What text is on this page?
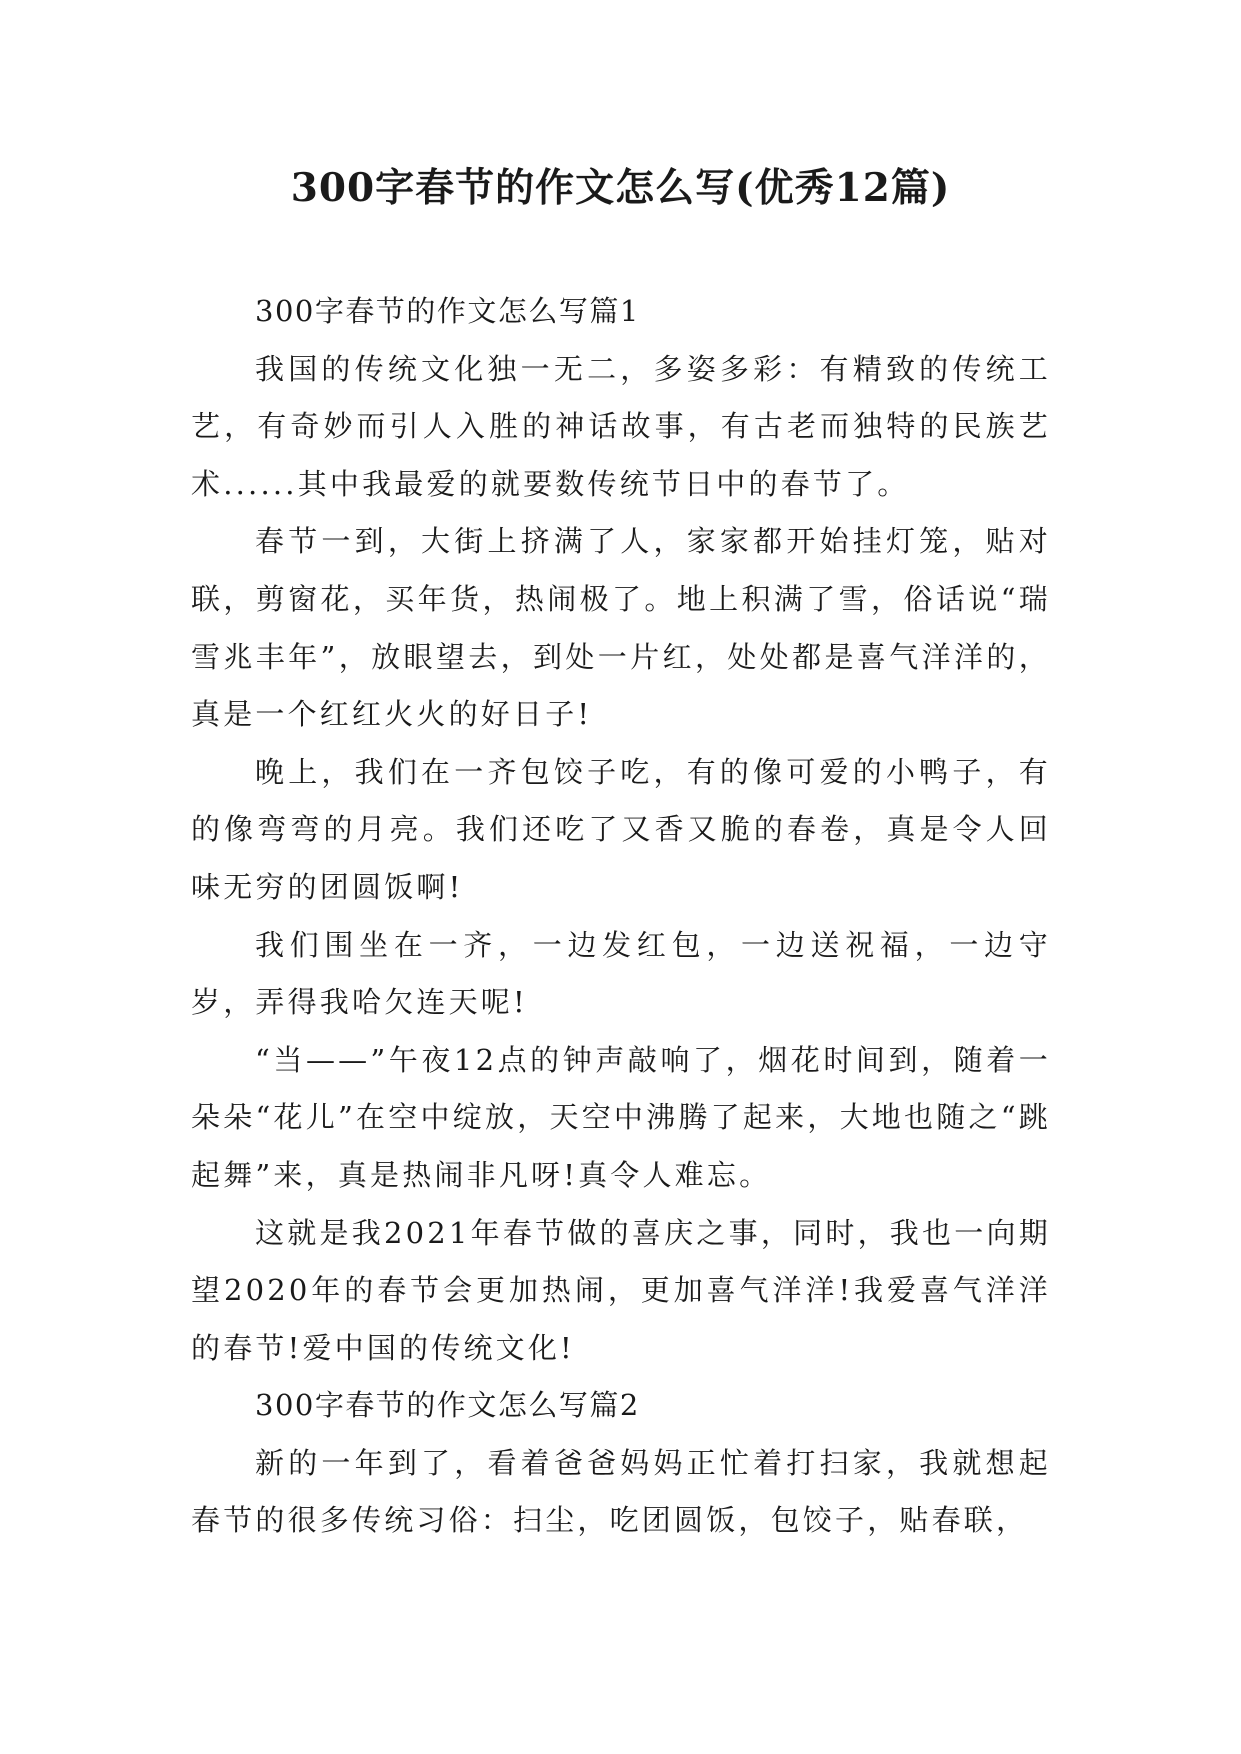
300字春节的作文怎么写(优秀12篇)

300字春节的作文怎么写篇1

我国的传统文化独一无二，多姿多彩：有精致的传统工艺，有奇妙而引人入胜的神话故事，有古老而独特的民族艺术......其中我最爱的就要数传统节日中的春节了。

春节一到，大街上挤满了人，家家都开始挂灯笼，贴对联，剪窗花，买年货，热闹极了。地上积满了雪，俗话说“瑞雪兆丰年”，放眼望去，到处一片红，处处都是喜气洋洋的，真是一个红红火火的好日子!

晚上，我们在一齐包饺子吃，有的像可爱的小鸭子，有的像弯弯的月亮。我们还吃了又香又脆的春卷，真是令人回味无穷的团圆饭啊!

我们围坐在一齐，一边发红包，一边送祝福，一边守岁，弄得我哈欠连天呢!

“当——”午夜12点的钟声敲响了，烟花时间到，随着一朵朵“花儿”在空中绽放，天空中沸腾了起来，大地也随之“跳起舞”来，真是热闹非凡呀!真令人难忘。

这就是我2021年春节做的喜庆之事，同时，我也一向期望2020年的春节会更加热闹，更加喜气洋洋!我爱喜气洋洋的春节!爱中国的传统文化!

300字春节的作文怎么写篇2

新的一年到了，看着爸爸妈妈正忙着打扫家，我就想起春节的很多传统习俗：扫尘，吃团圆饭，包饺子，贴春联，
